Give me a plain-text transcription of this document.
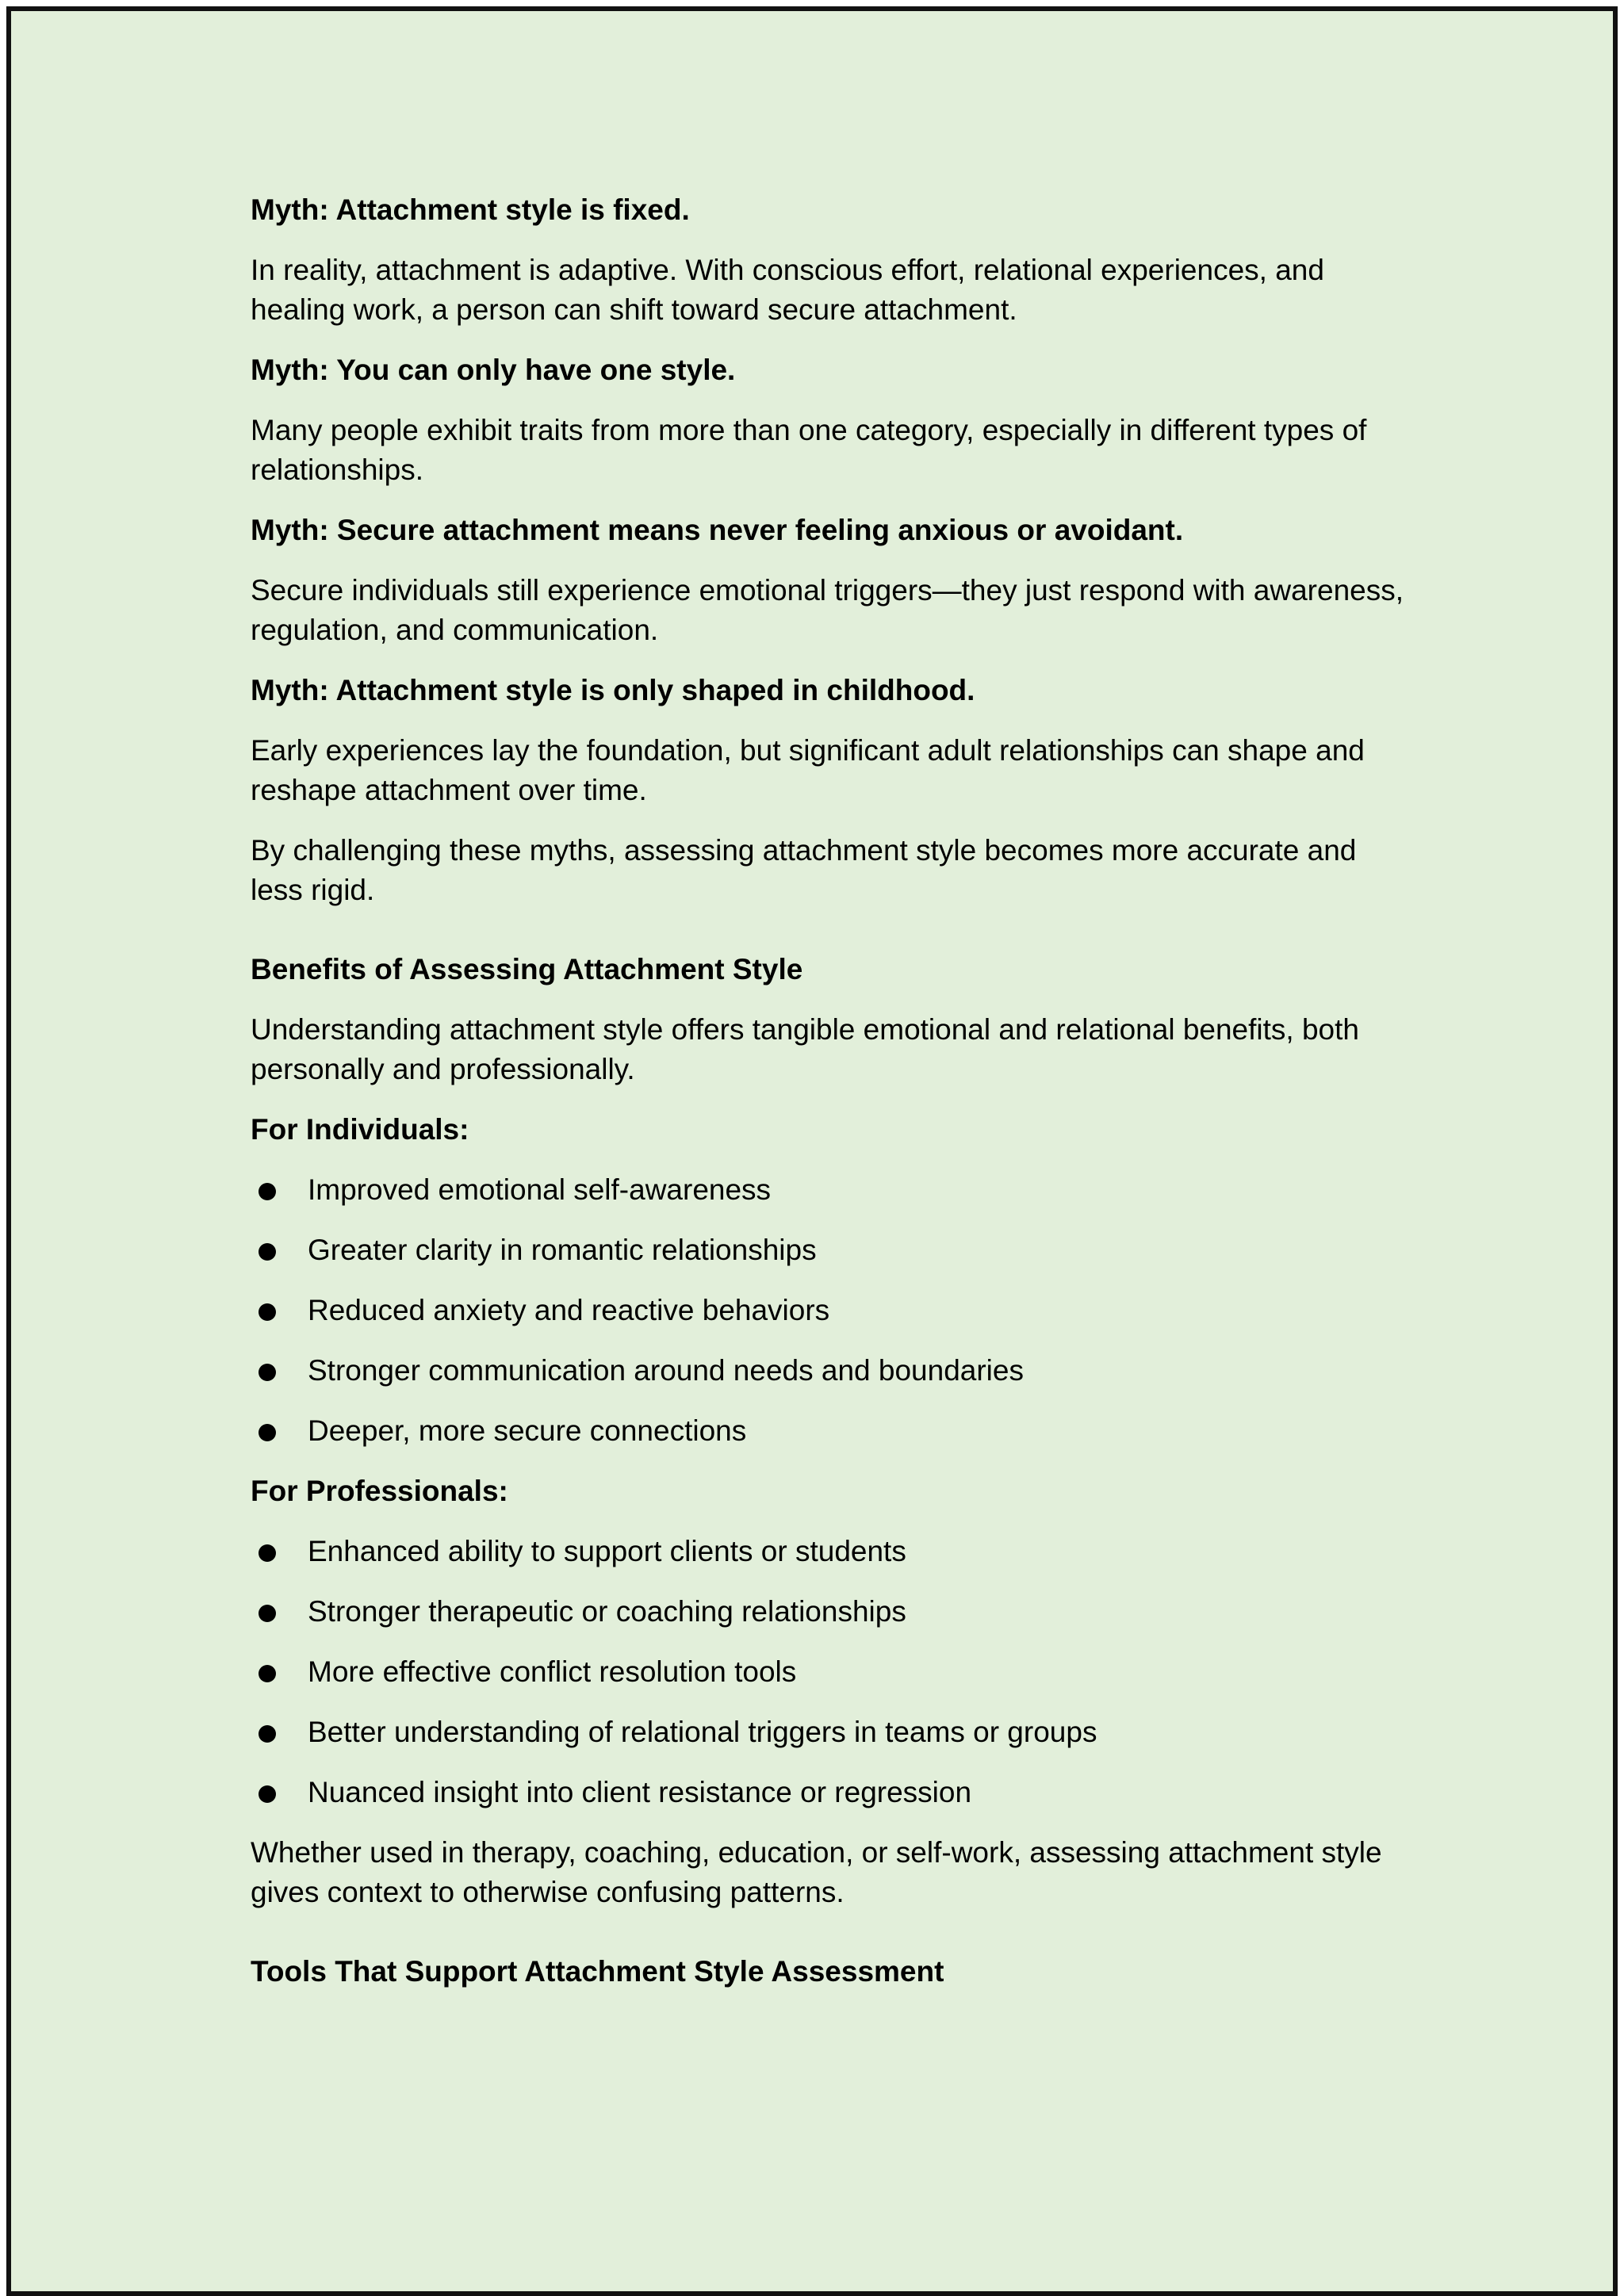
Myth: Attachment style is fixed.

In reality, attachment is adaptive. With conscious effort, relational experiences, and healing work, a person can shift toward secure attachment.

Myth: You can only have one style.

Many people exhibit traits from more than one category, especially in different types of relationships.

Myth: Secure attachment means never feeling anxious or avoidant.

Secure individuals still experience emotional triggers—they just respond with awareness, regulation, and communication.

Myth: Attachment style is only shaped in childhood.

Early experiences lay the foundation, but significant adult relationships can shape and reshape attachment over time.

By challenging these myths, assessing attachment style becomes more accurate and less rigid.

Benefits of Assessing Attachment Style

Understanding attachment style offers tangible emotional and relational benefits, both personally and professionally.

For Individuals:

Improved emotional self-awareness
Greater clarity in romantic relationships
Reduced anxiety and reactive behaviors
Stronger communication around needs and boundaries
Deeper, more secure connections

For Professionals:

Enhanced ability to support clients or students
Stronger therapeutic or coaching relationships
More effective conflict resolution tools
Better understanding of relational triggers in teams or groups
Nuanced insight into client resistance or regression

Whether used in therapy, coaching, education, or self-work, assessing attachment style gives context to otherwise confusing patterns.

Tools That Support Attachment Style Assessment
